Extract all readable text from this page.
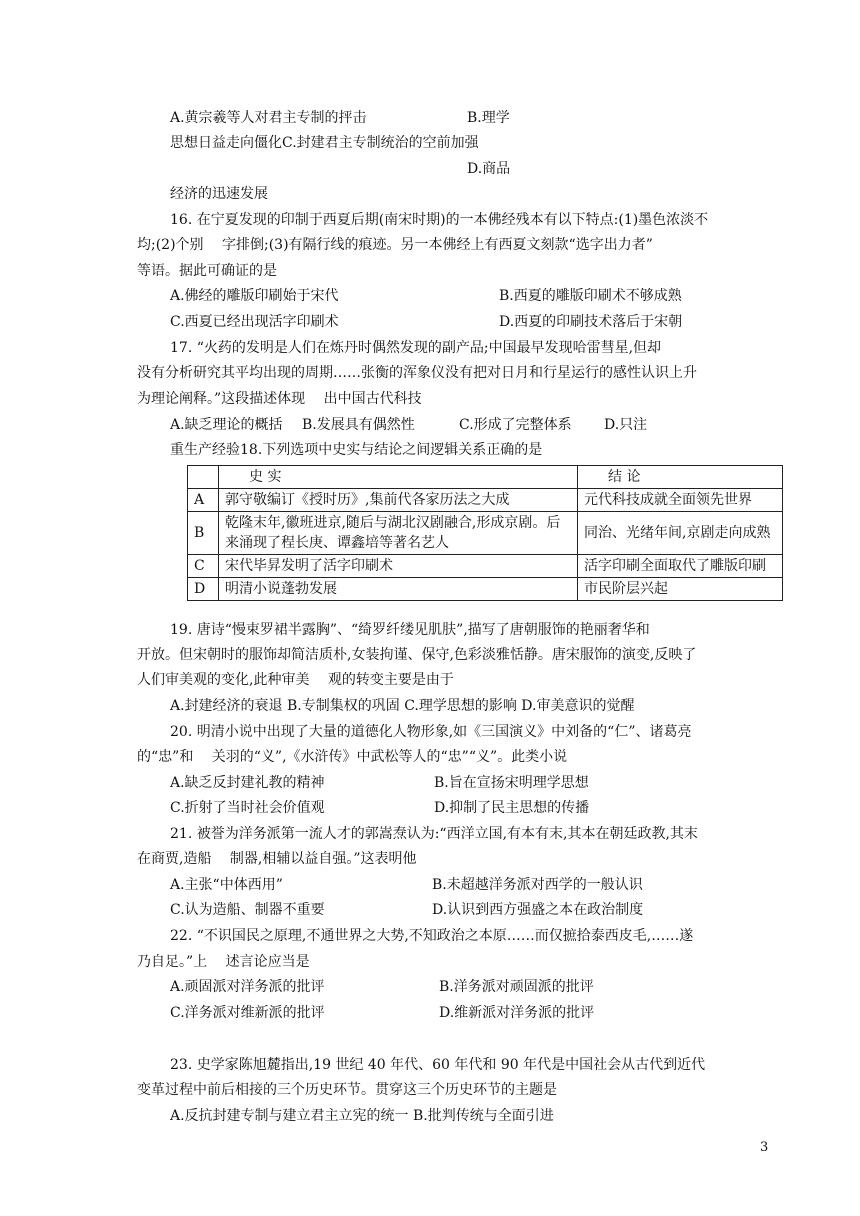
A.黄宗羲等人对君主专制的抨击	B.理学
思想日益走向僵化C.封建君主专制统治的空前加强
D.商品
经济的迅速发展
16. 在宁夏发现的印制于西夏后期(南宋时期)的一本佛经残本有以下特点:(1)墨色浓淡不
均;(2)个别　 字排倒;(3)有隔行线的痕迹。另一本佛经上有西夏文刻款“选字出力者”
等语。据此可确证的是
A.佛经的雕版印刷始于宋代	B.西夏的雕版印刷术不够成熟
C.西夏已经出现活字印刷术	D.西夏的印刷技术落后于宋朝
17. “火药的发明是人们在炼丹时偶然发现的副产品;中国最早发现哈雷彗星,但却
没有分析研究其平均出现的周期……张衡的浑象仪没有把对日月和行星运行的感性认识上升
为理论阐释。”这段描述体现　 出中国古代科技
A.缺乏理论的概括 B.发展具有偶然性	C.形成了完整体系 D.只注
重生产经验18.下列选项中史实与结论之间逻辑关系正确的是
	史 实	结 论
A	郭守敬编订《授时历》,集前代各家历法之大成	元代科技成就全面领先世界
B	乾隆末年,徽班进京,随后与湖北汉剧融合,形成京剧。后来涌现了程长庚、谭鑫培等著名艺人	同治、光绪年间,京剧走向成熟
C	宋代毕昇发明了活字印刷术	活字印刷全面取代了雕版印刷
D	明清小说蓬勃发展	市民阶层兴起
19. 唐诗“慢束罗裙半露胸”、“绮罗纤缕见肌肤”,描写了唐朝服饰的艳丽奢华和
开放。但宋朝时的服饰却简洁质朴,女装拘谨、保守,色彩淡雅恬静。唐宋服饰的演变,反映了
人们审美观的变化,此种审美　 观的转变主要是由于
A.封建经济的衰退 B.专制集权的巩固 C.理学思想的影响 D.审美意识的觉醒
20. 明清小说中出现了大量的道德化人物形象,如《三国演义》中刘备的“仁”、诸葛亮
的“忠”和　 关羽的“义”,《水浒传》中武松等人的“忠”“义”。此类小说
A.缺乏反封建礼教的精神	B.旨在宣扬宋明理学思想
C.折射了当时社会价值观	D.抑制了民主思想的传播
21. 被誉为洋务派第一流人才的郭嵩焘认为:“西洋立国,有本有末,其本在朝廷政教,其末
在商贾,造船　 制器,相辅以益自强。”这表明他
A.主张“中体西用”	B.未超越洋务派对西学的一般认识
C.认为造船、制器不重要	D.认识到西方强盛之本在政治制度
22. “不识国民之原理,不通世界之大势,不知政治之本原……而仅摭拾泰西皮毛,……遂
乃自足。”上　 述言论应当是
A.顽固派对洋务派的批评	B.洋务派对顽固派的批评
C.洋务派对维新派的批评	D.维新派对洋务派的批评
23. 史学家陈旭麓指出,19 世纪 40 年代、60 年代和 90 年代是中国社会从古代到近代
变革过程中前后相接的三个历史环节。贯穿这三个历史环节的主题是
A.反抗封建专制与建立君主立宪的统一 B.批判传统与全面引进
3
